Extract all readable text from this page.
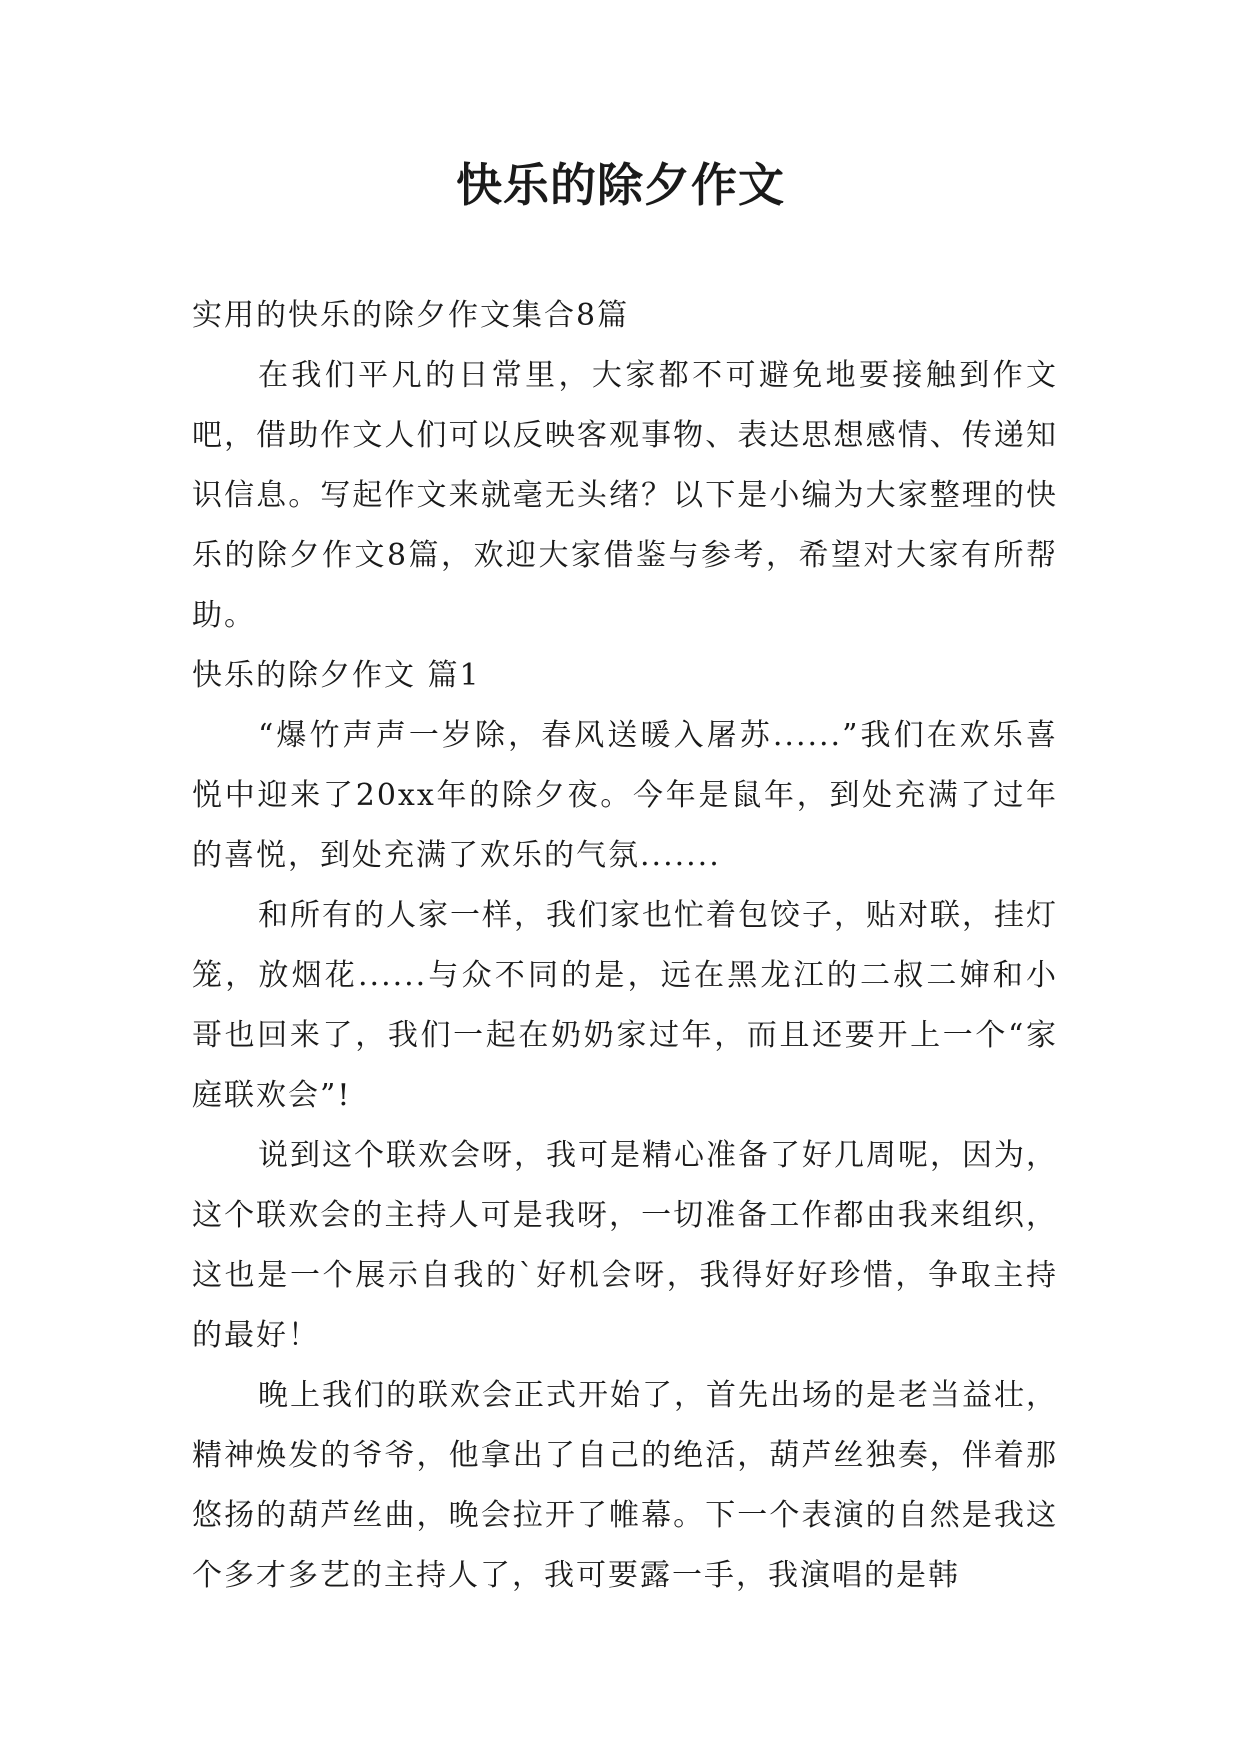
快乐的除夕作文

实用的快乐的除夕作文集合8篇

在我们平凡的日常里，大家都不可避免地要接触到作文吧，借助作文人们可以反映客观事物、表达思想感情、传递知识信息。写起作文来就毫无头绪？以下是小编为大家整理的快乐的除夕作文8篇，欢迎大家借鉴与参考，希望对大家有所帮助。

快乐的除夕作文 篇1

“爆竹声声一岁除，春风送暖入屠苏......”我们在欢乐喜悦中迎来了20xx年的除夕夜。今年是鼠年，到处充满了过年的喜悦，到处充满了欢乐的气氛.......

和所有的人家一样，我们家也忙着包饺子，贴对联，挂灯笼，放烟花......与众不同的是，远在黑龙江的二叔二婶和小哥也回来了，我们一起在奶奶家过年，而且还要开上一个“家庭联欢会”!

说到这个联欢会呀，我可是精心准备了好几周呢，因为，这个联欢会的主持人可是我呀，一切准备工作都由我来组织，这也是一个展示自我的`好机会呀，我得好好珍惜，争取主持的最好！

晚上我们的联欢会正式开始了，首先出场的是老当益壮，精神焕发的爷爷，他拿出了自己的绝活，葫芦丝独奏，伴着那悠扬的葫芦丝曲，晚会拉开了帷幕。下一个表演的自然是我这个多才多艺的主持人了，我可要露一手，我演唱的是韩
